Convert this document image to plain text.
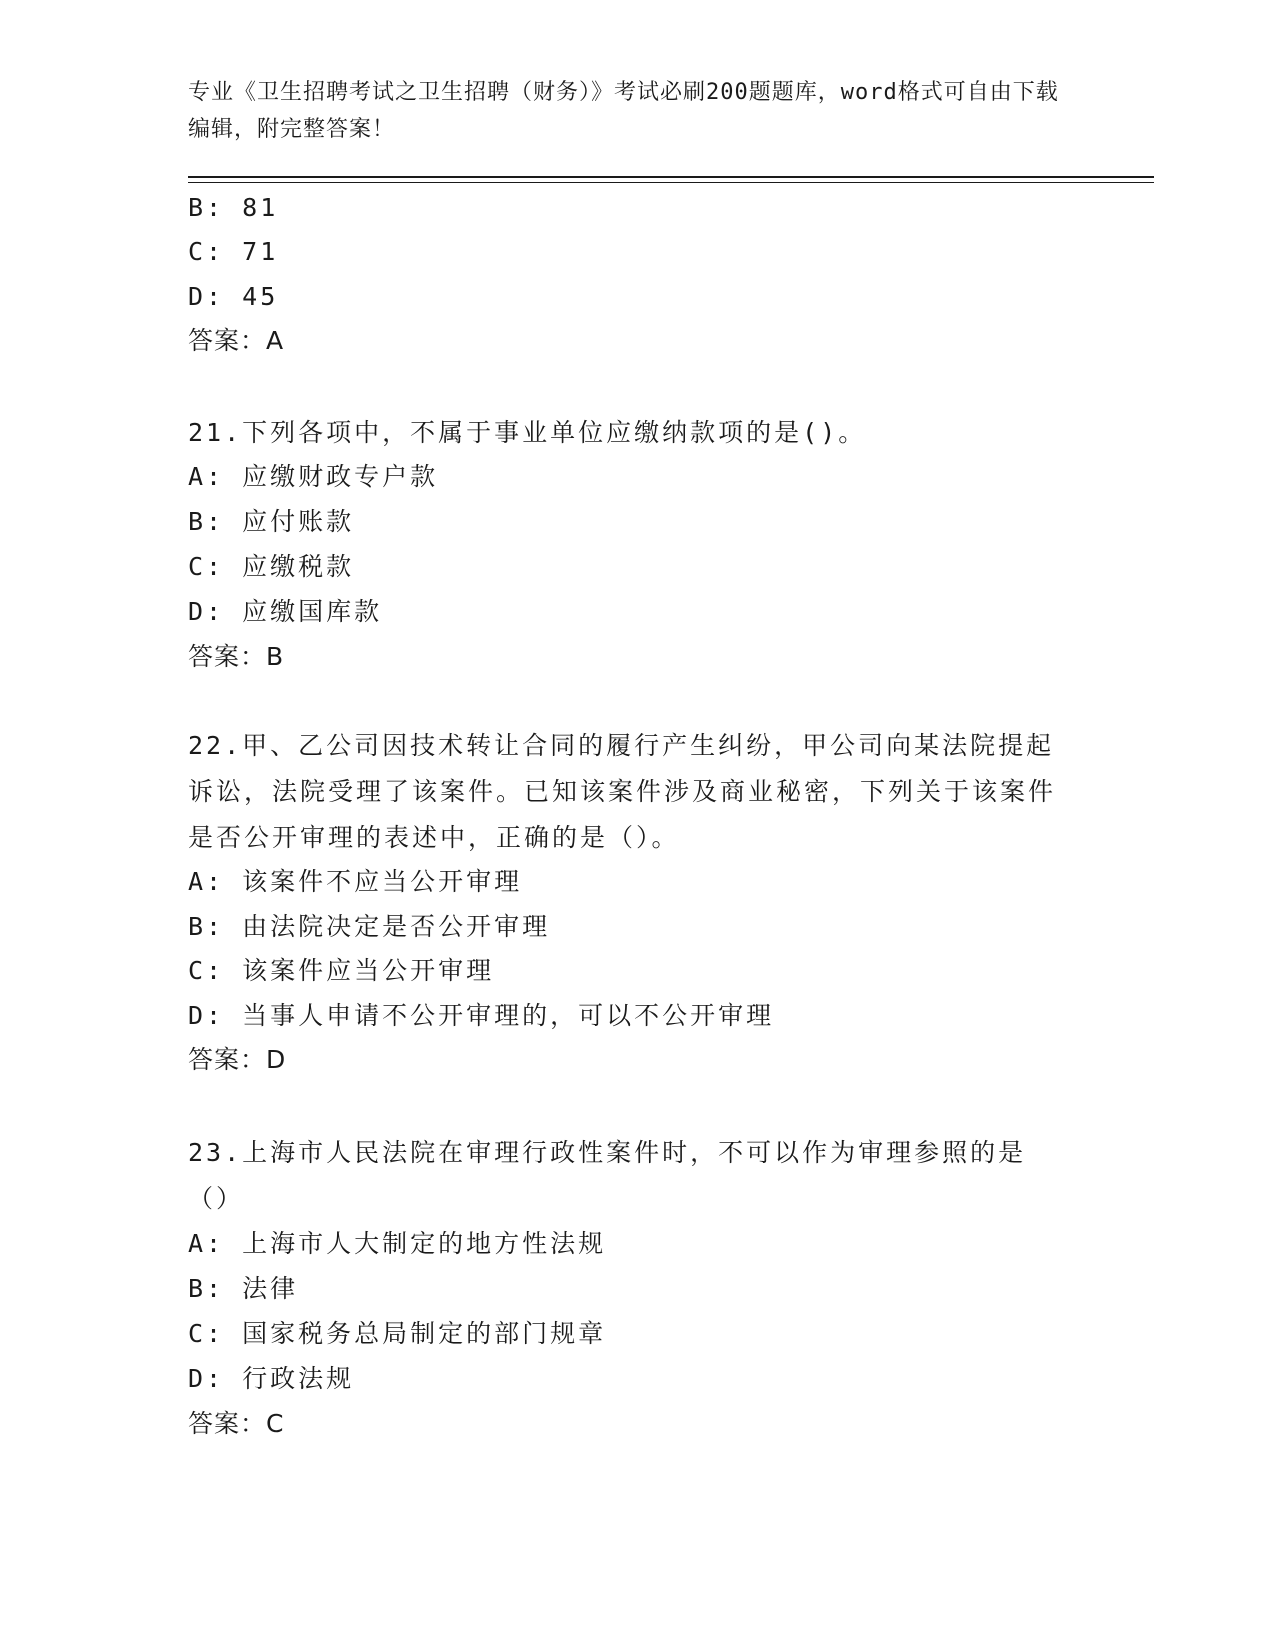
专业《卫生招聘考试之卫生招聘（财务）》考试必刷200题题库，word格式可自由下载编辑，附完整答案！
B: 81
C: 71
D: 45
答案：A
21.下列各项中，不属于事业单位应缴纳款项的是()。
A: 应缴财政专户款
B: 应付账款
C: 应缴税款
D: 应缴国库款
答案：B
22.甲、乙公司因技术转让合同的履行产生纠纷，甲公司向某法院提起诉讼，法院受理了该案件。已知该案件涉及商业秘密，下列关于该案件是否公开审理的表述中，正确的是（）。
A: 该案件不应当公开审理
B: 由法院决定是否公开审理
C: 该案件应当公开审理
D: 当事人申请不公开审理的，可以不公开审理
答案：D
23.上海市人民法院在审理行政性案件时，不可以作为审理参照的是（）
A: 上海市人大制定的地方性法规
B: 法律
C: 国家税务总局制定的部门规章
D: 行政法规
答案：C
